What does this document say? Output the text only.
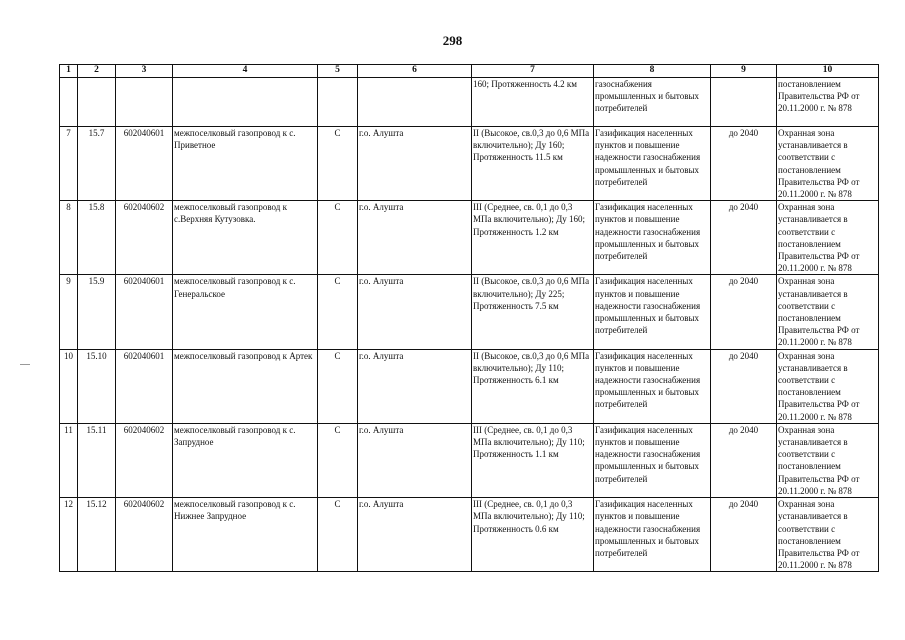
298
1	2	3	4	5	6	7	8	9	10
						160; Протяженность 4.2 км	газоснабжения промышленных и бытовых потребителей		постановлением Правительства РФ от 20.11.2000 г. № 878
7	15.7	602040601	межпоселковый газопровод к с. Приветное	С	г.о. Алушта	II (Высокое, св.0,3 до 0,6 МПа включительно); Ду 160; Протяженность 11.5 км	Газификация населенных пунктов и повышение надежности газоснабжения промышленных и бытовых потребителей	до 2040	Охранная зона устанавливается в соответствии с постановлением Правительства РФ от 20.11.2000 г. № 878
8	15.8	602040602	межпоселковый газопровод к с.Верхняя Кутузовка.	С	г.о. Алушта	III (Среднее, св. 0,1 до 0,3 МПа включительно); Ду 160; Протяженность 1.2 км	Газификация населенных пунктов и повышение надежности газоснабжения промышленных и бытовых потребителей	до 2040	Охранная зона устанавливается в соответствии с постановлением Правительства РФ от 20.11.2000 г. № 878
9	15.9	602040601	межпоселковый газопровод к с. Генеральское	С	г.о. Алушта	II (Высокое, св.0,3 до 0,6 МПа включительно); Ду 225; Протяженность 7.5 км	Газификация населенных пунктов и повышение надежности газоснабжения промышленных и бытовых потребителей	до 2040	Охранная зона устанавливается в соответствии с постановлением Правительства РФ от 20.11.2000 г. № 878
10	15.10	602040601	межпоселковый газопровод к Артек	С	г.о. Алушта	II (Высокое, св.0,3 до 0,6 МПа включительно); Ду 110; Протяженность 6.1 км	Газификация населенных пунктов и повышение надежности газоснабжения промышленных и бытовых потребителей	до 2040	Охранная зона устанавливается в соответствии с постановлением Правительства РФ от 20.11.2000 г. № 878
11	15.11	602040602	межпоселковый газопровод к с. Запрудное	С	г.о. Алушта	III (Среднее, св. 0,1 до 0,3 МПа включительно); Ду 110; Протяженность 1.1 км	Газификация населенных пунктов и повышение надежности газоснабжения промышленных и бытовых потребителей	до 2040	Охранная зона устанавливается в соответствии с постановлением Правительства РФ от 20.11.2000 г. № 878
12	15.12	602040602	межпоселковый газопровод к с. Нижнее Запрудное	С	г.о. Алушта	III (Среднее, св. 0,1 до 0,3 МПа включительно); Ду 110; Протяженность 0.6 км	Газификация населенных пунктов и повышение надежности газоснабжения промышленных и бытовых потребителей	до 2040	Охранная зона устанавливается в соответствии с постановлением Правительства РФ от 20.11.2000 г. № 878
